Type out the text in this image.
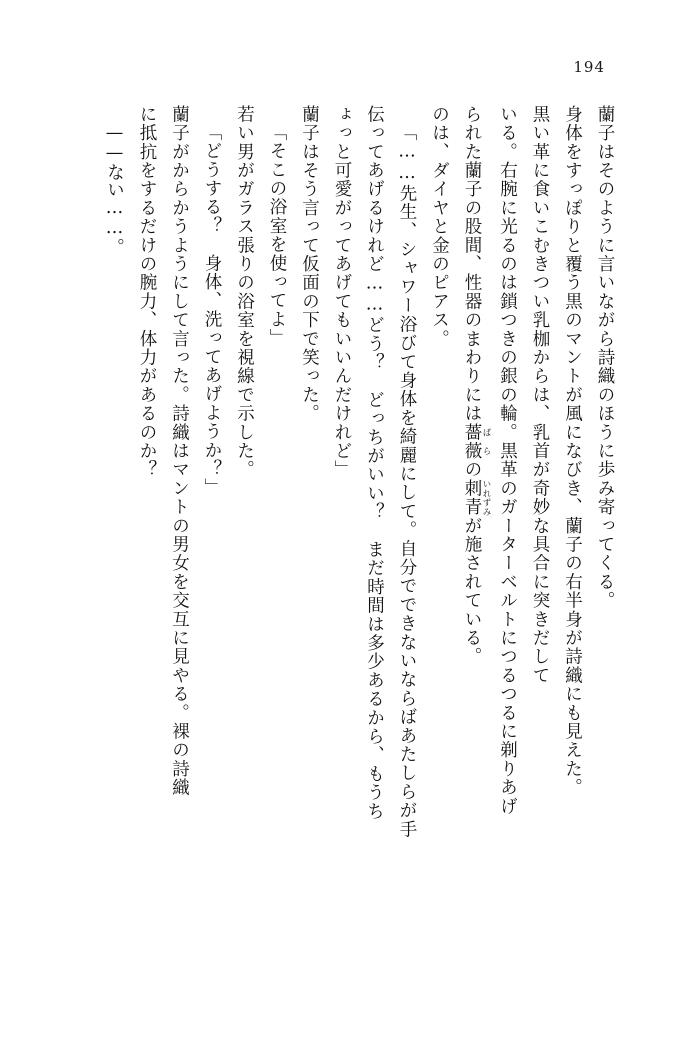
194

蘭子はそのように言いながら詩織のほうに歩み寄ってくる。

身体をすっぽりと覆う黒のマントが風になびき、蘭子の右半身が詩織にも見えた。

黒い革に食いこむきつい乳枷からは、乳首が奇妙な具合に突きだして

いる。右腕に光るのは鎖つきの銀の輪。黒革のガーターベルトにつるつるに剃りあげ

られた蘭子の股間、性器のまわりには薔薇 ばらの刺青 いれずみが施されている。

のは、ダイヤと金のピアス。

「……先生、シャワー浴びて身体を綺麗にして。自分でできないならばあたしらが手

伝ってあげるけれど……どう？　どっちがいい？　まだ時間は多少あるから、もうち

ょっと可愛がってあげてもいいんだけれど」

蘭子はそう言って仮面の下で笑った。

「そこの浴室を使ってよ」

若い男がガラス張りの浴室を視線で示した。

「どうする？　身体、洗ってあげようか？」

蘭子がからかうようにして言った。詩織はマントの男女を交互に見やる。裸の詩織

に抵抗をするだけの腕力、体力があるのか？

——ない……。
